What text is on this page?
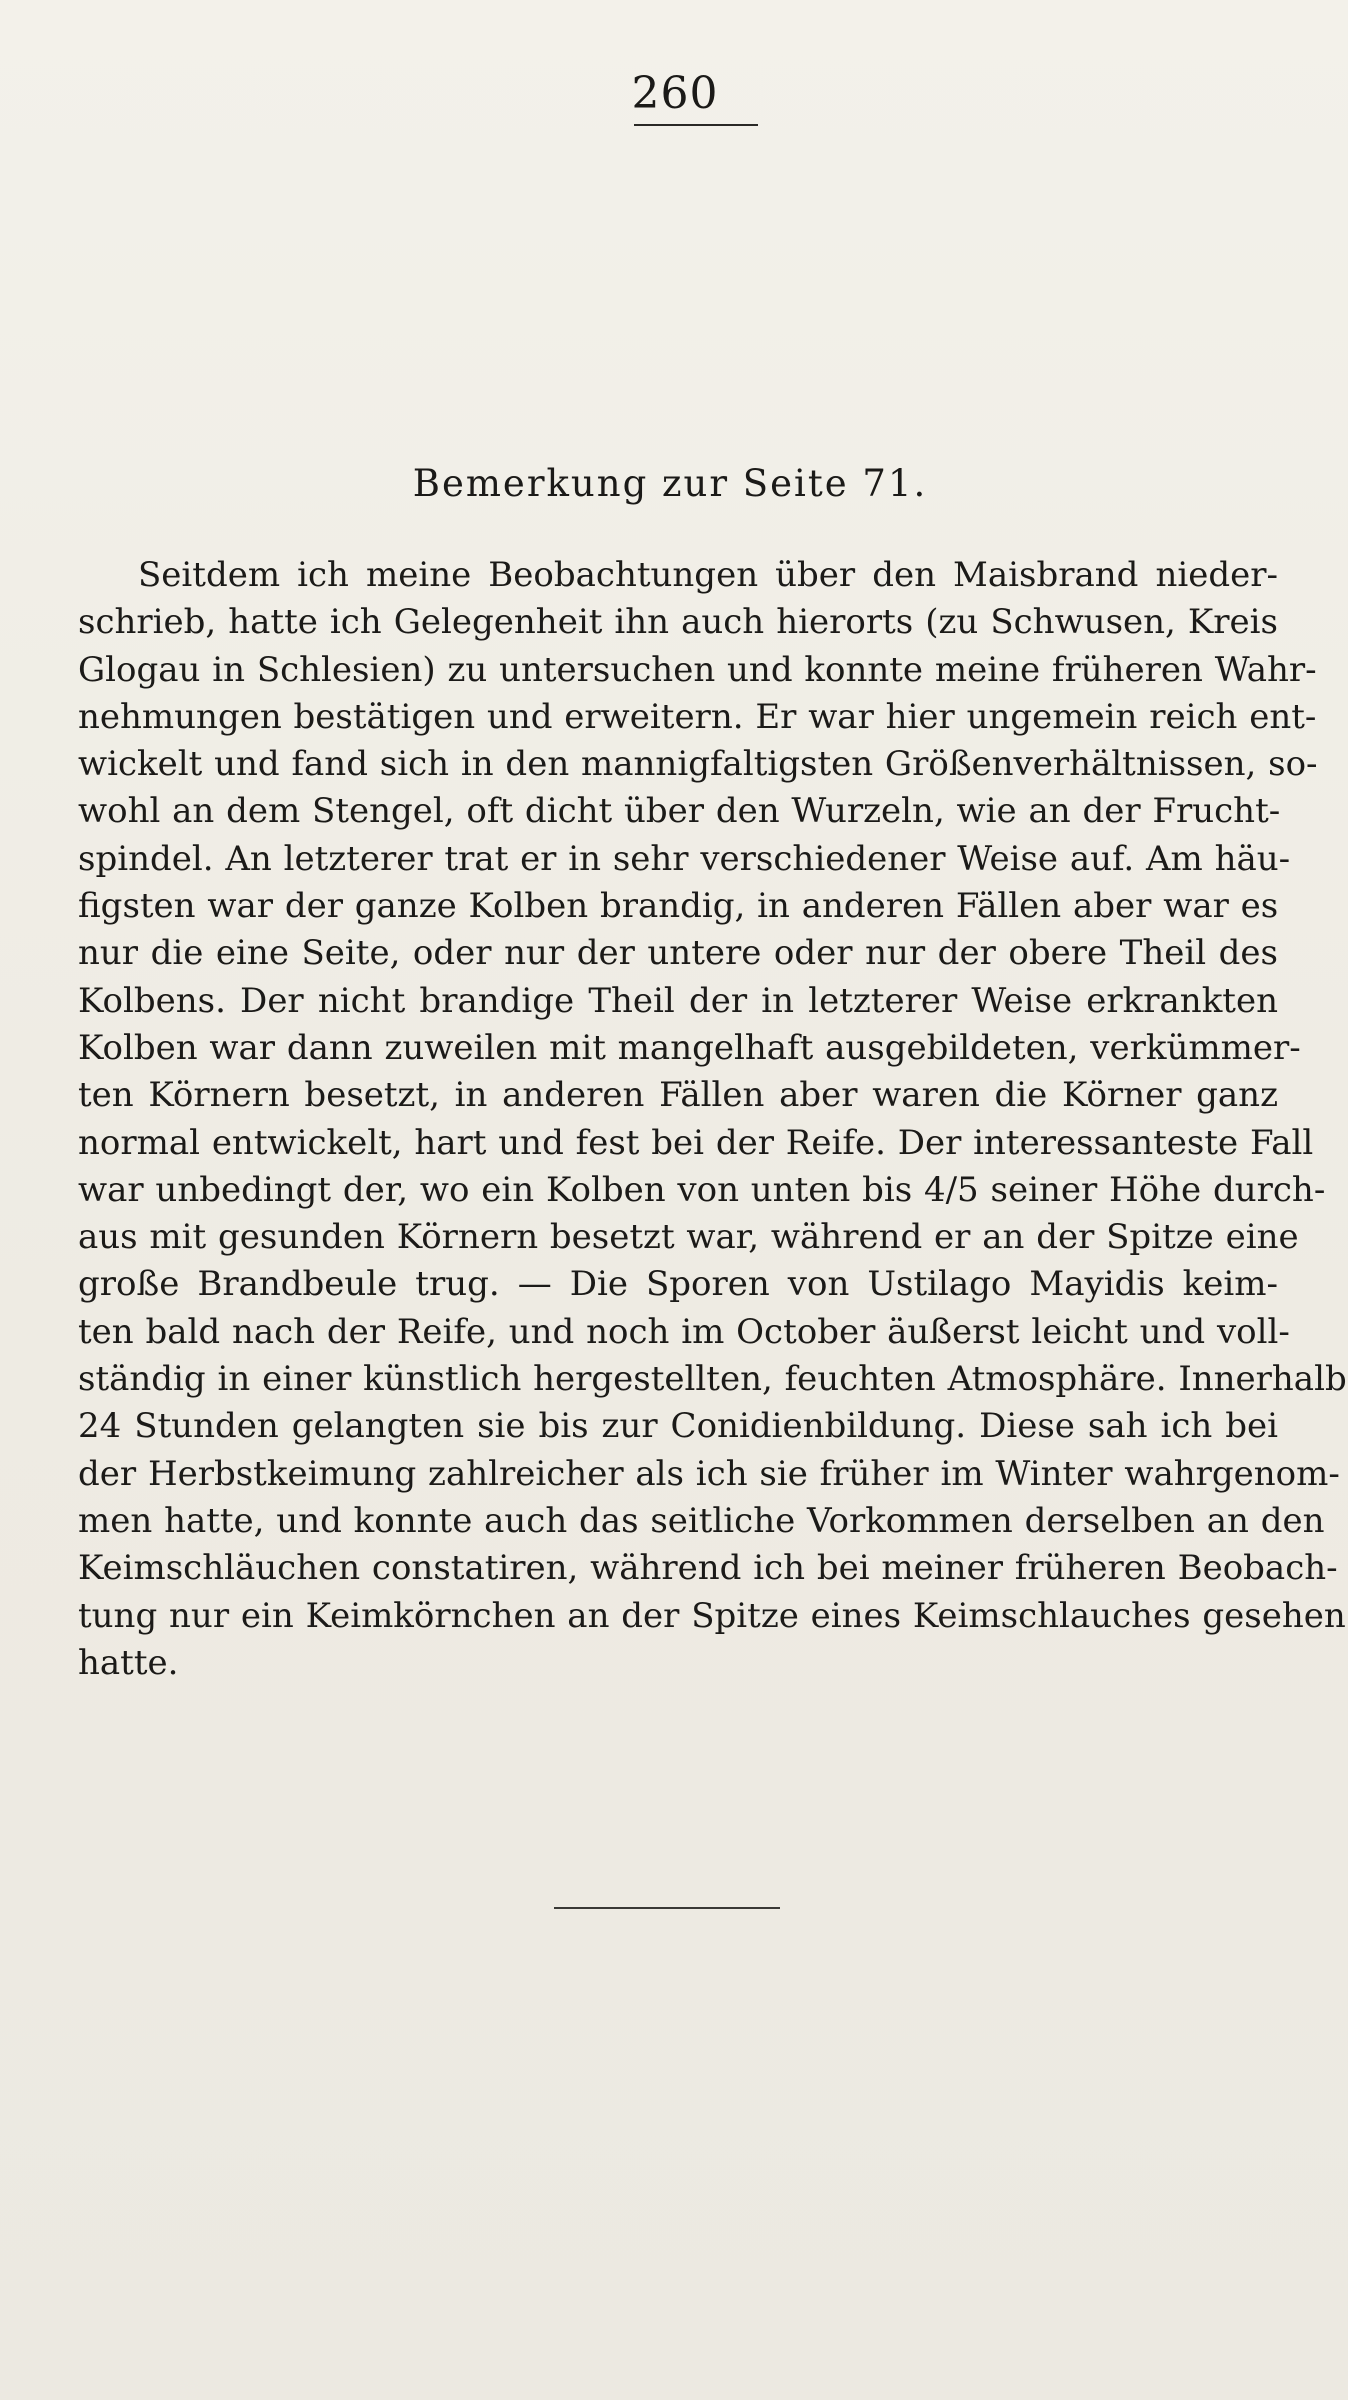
260
Bemerkung zur Seite 71.
Seitdem ich meine Beobachtungen über den Maisbrand nieder-
schrieb, hatte ich Gelegenheit ihn auch hierorts (zu Schwusen, Kreis
Glogau in Schlesien) zu untersuchen und konnte meine früheren Wahr-
nehmungen bestätigen und erweitern. Er war hier ungemein reich ent-
wickelt und fand sich in den mannigfaltigsten Größenverhältnissen, so-
wohl an dem Stengel, oft dicht über den Wurzeln, wie an der Frucht-
spindel. An letzterer trat er in sehr verschiedener Weise auf. Am häu-
figsten war der ganze Kolben brandig, in anderen Fällen aber war es
nur die eine Seite, oder nur der untere oder nur der obere Theil des
Kolbens. Der nicht brandige Theil der in letzterer Weise erkrankten
Kolben war dann zuweilen mit mangelhaft ausgebildeten, verkümmer-
ten Körnern besetzt, in anderen Fällen aber waren die Körner ganz
normal entwickelt, hart und fest bei der Reife. Der interessanteste Fall
war unbedingt der, wo ein Kolben von unten bis 4/5 seiner Höhe durch-
aus mit gesunden Körnern besetzt war, während er an der Spitze eine
große Brandbeule trug. — Die Sporen von Ustilago Mayidis keim-
ten bald nach der Reife, und noch im October äußerst leicht und voll-
ständig in einer künstlich hergestellten, feuchten Atmosphäre. Innerhalb
24 Stunden gelangten sie bis zur Conidienbildung. Diese sah ich bei
der Herbstkeimung zahlreicher als ich sie früher im Winter wahrgenom-
men hatte, und konnte auch das seitliche Vorkommen derselben an den
Keimschläuchen constatiren, während ich bei meiner früheren Beobach-
tung nur ein Keimkörnchen an der Spitze eines Keimschlauches gesehen
hatte.
